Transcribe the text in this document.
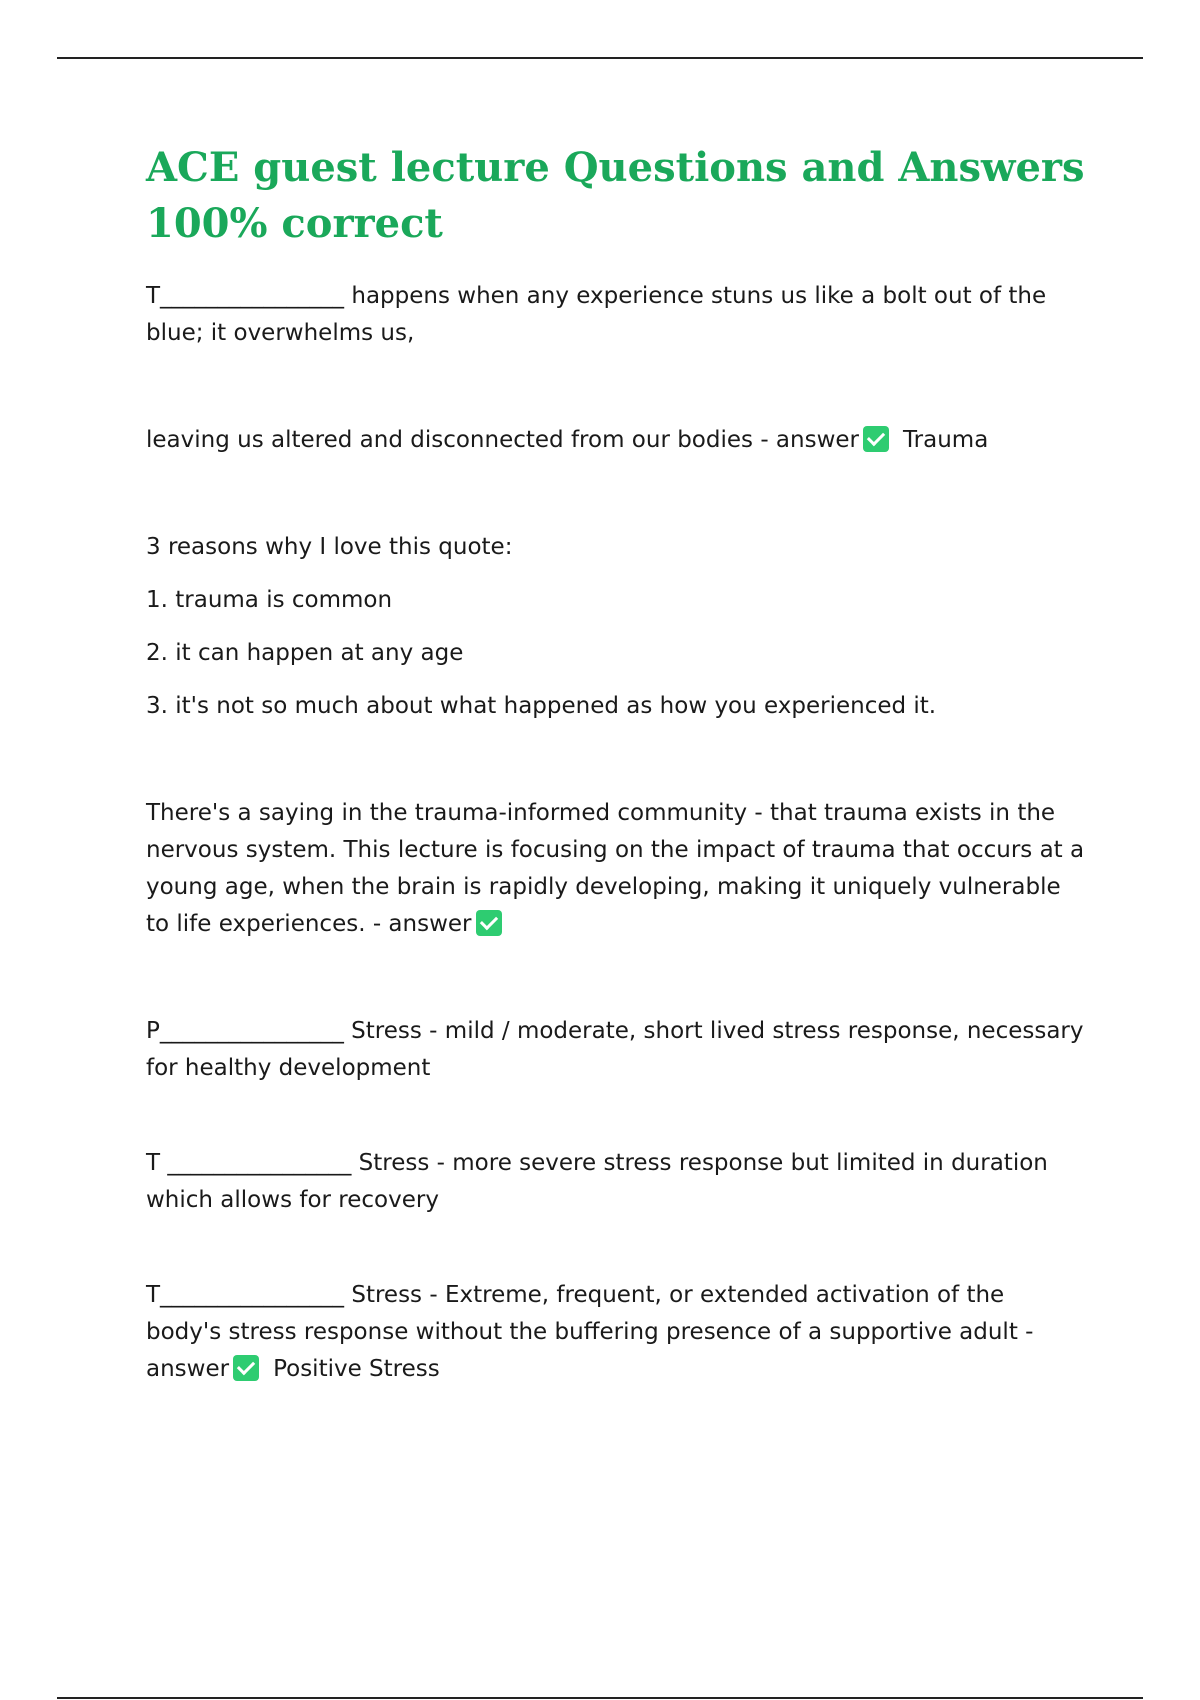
ACE guest lecture Questions and Answers 100% correct

T________________ happens when any experience stuns us like a bolt out of the blue; it overwhelms us,

leaving us altered and disconnected from our bodies - answer Trauma

3 reasons why I love this quote:

1. trauma is common

2. it can happen at any age

3. it's not so much about what happened as how you experienced it.

There's a saying in the trauma-informed community - that trauma exists in the nervous system. This lecture is focusing on the impact of trauma that occurs at a young age, when the brain is rapidly developing, making it uniquely vulnerable to life experiences. - answer

P________________ Stress - mild / moderate, short lived stress response, necessary for healthy development

T ________________ Stress - more severe stress response but limited in duration which allows for recovery

T________________ Stress - Extreme, frequent, or extended activation of the body's stress response without the buffering presence of a supportive adult - answer Positive Stress
